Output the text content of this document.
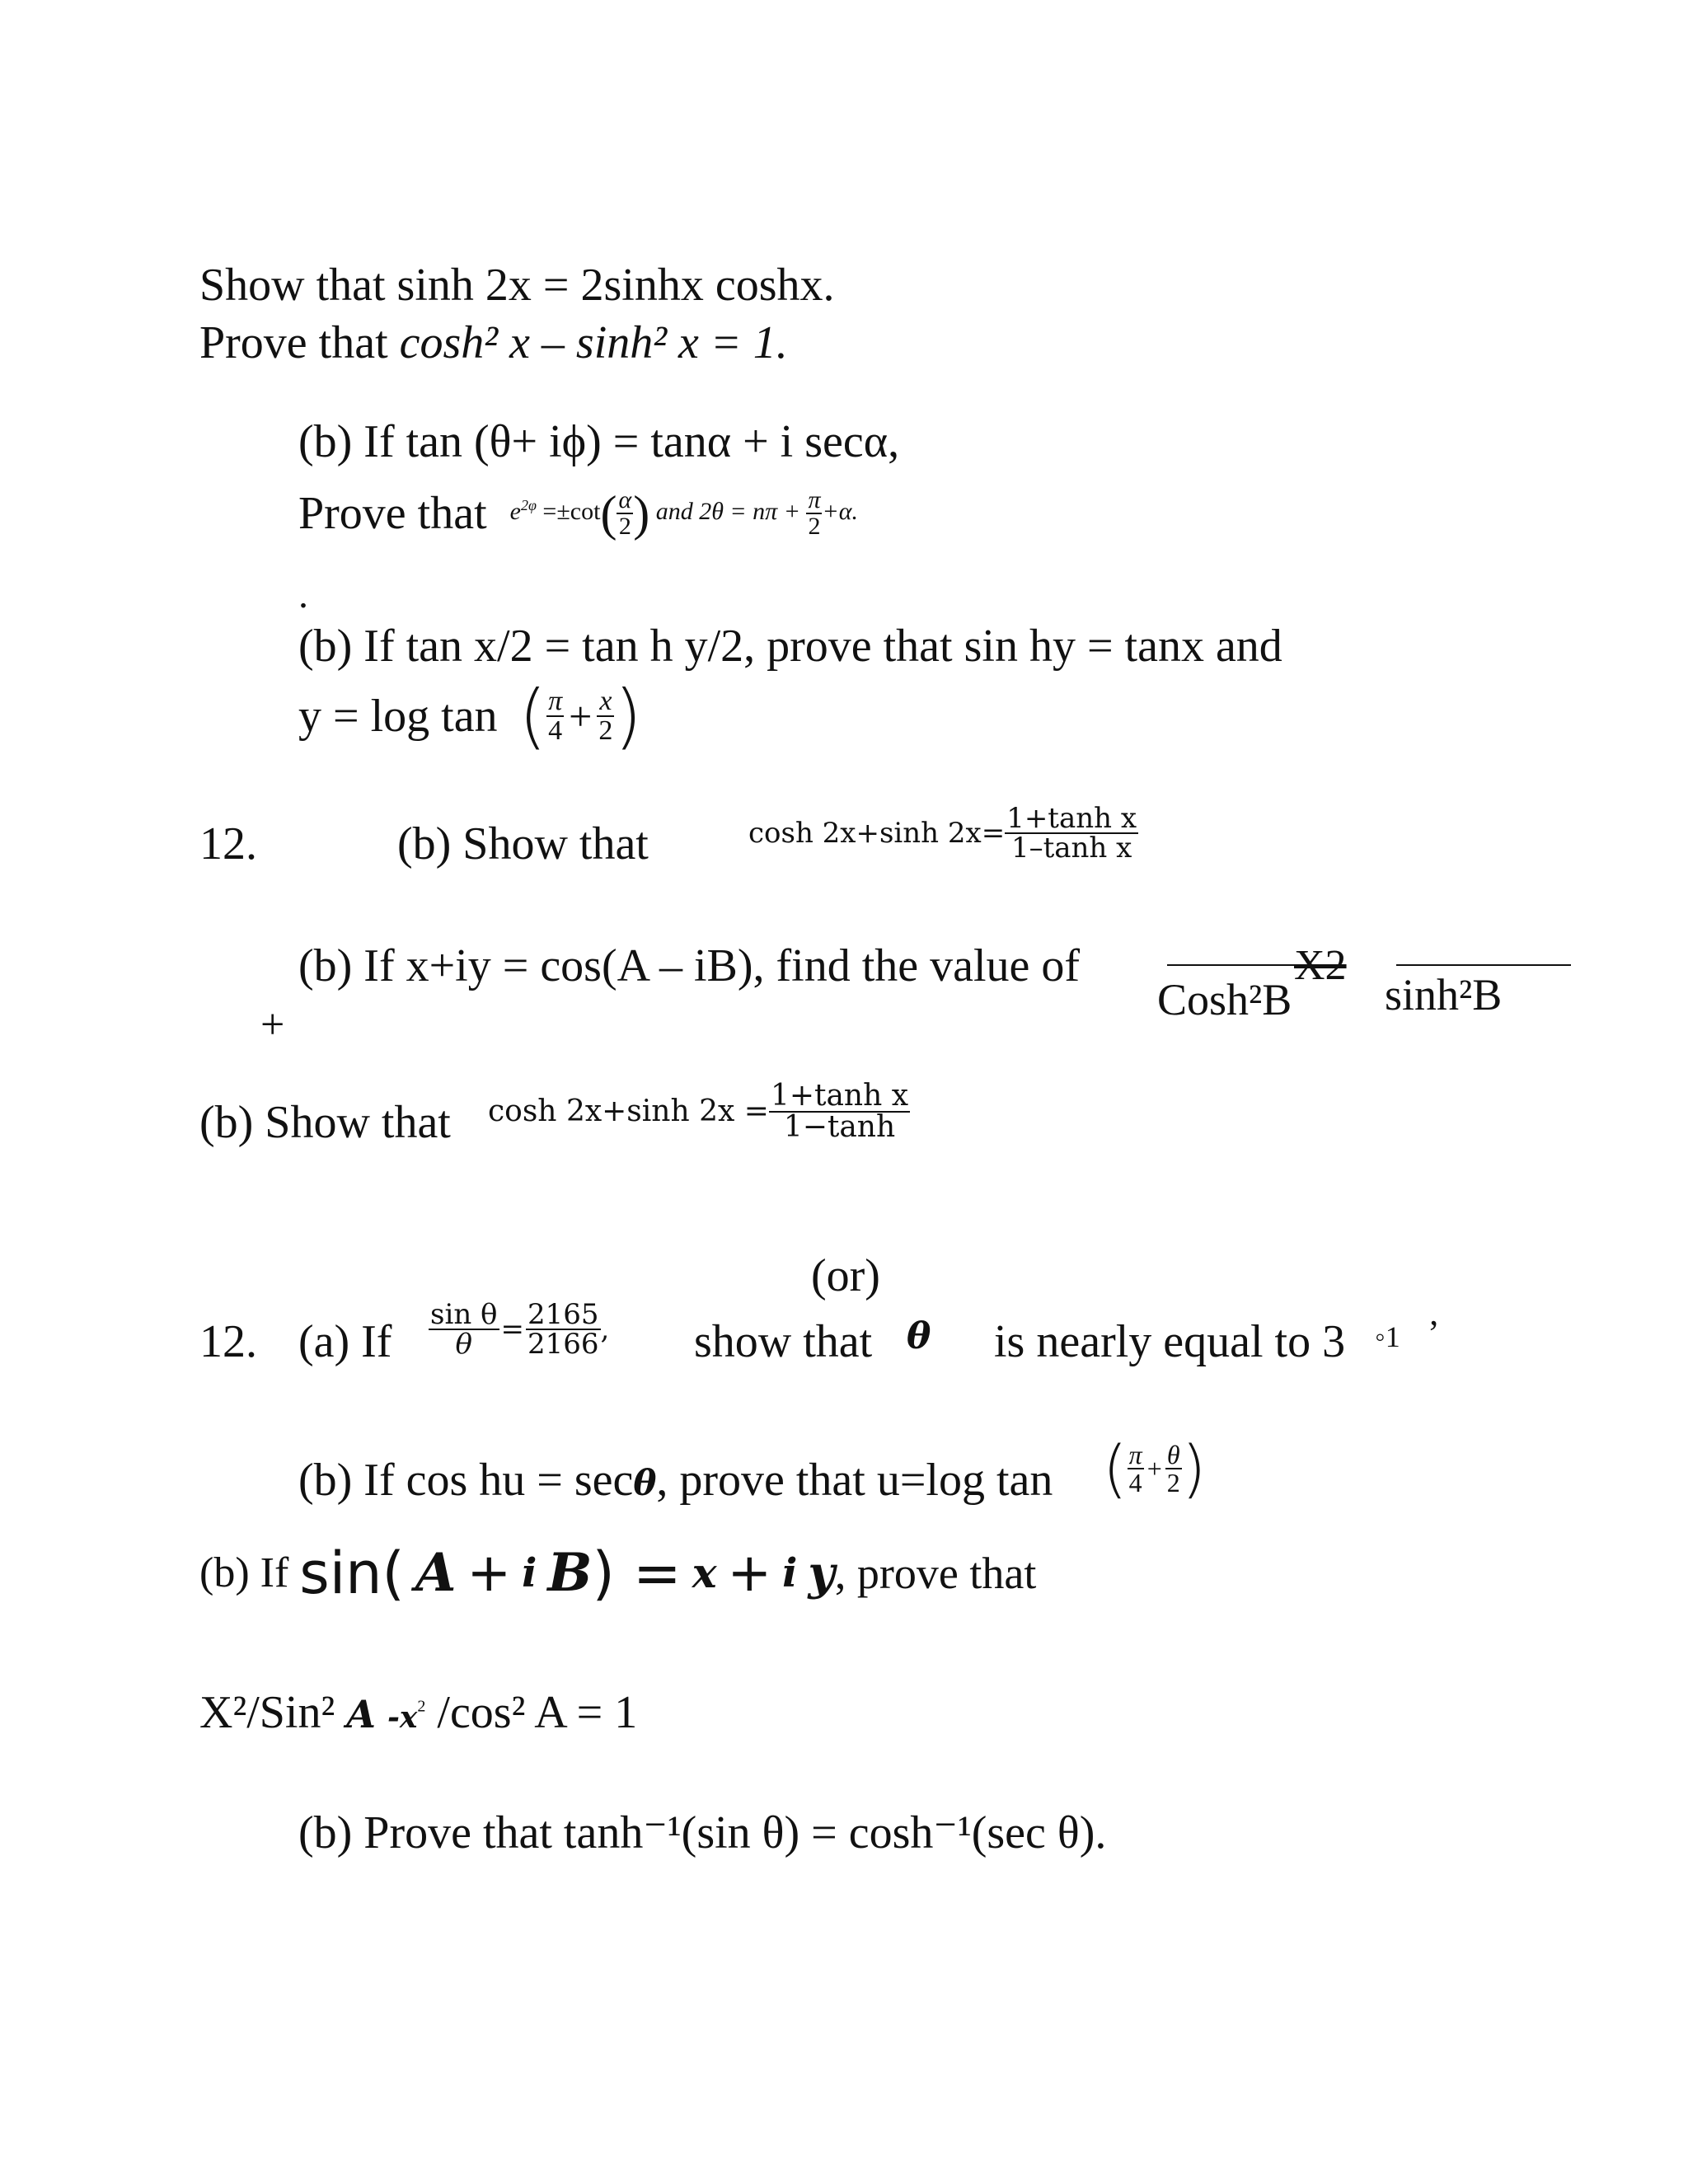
Show that sinh 2x = 2sinhx coshx.
Prove that cosh² x – sinh² x = 1.
(b) If tan (θ+ iϕ) = tanα + i secα,
Prove that $e^{2\varphi} =\pm\cot( \frac{\alpha}{2}$ ) and $2\theta = n\pi + \frac{\pi}{2} +\alpha$.
.
(b) If tan x/2 = tan h y/2, prove that sin hy = tanx and
y = log tan ( $\frac{\pi}{4} + \frac{x}{2}$ )
12.	(b) Show that	cosh 2x+sinh $2x= \frac{\text{1+tanh x}}{\text{1–tanh x}}$
(b) If x+iy = cos(A – iB), find the value of	X2
Cosh²B sinh²B
+
(b) Show that cosh 2x+sinh $2x = \frac{\text{1+tanh x}}{1-\tanh}$
(or)
12. (a) If $\frac{\text{sin θ}}{\theta} = \frac{2165}{2166}$ , show that θ is nearly equal to 3 ◦1 ’
(b) If cos hu = secθ, prove that u=log tan ( $\frac{\pi}{4} + \frac{\theta}{2}$ )
(b) If sin( A + i B) = x + i y, prove that
X²/Sin² A $-x^2$ /cos² A = 1
(b) Prove that tanh⁻¹(sin θ) = cosh⁻¹(sec θ).
